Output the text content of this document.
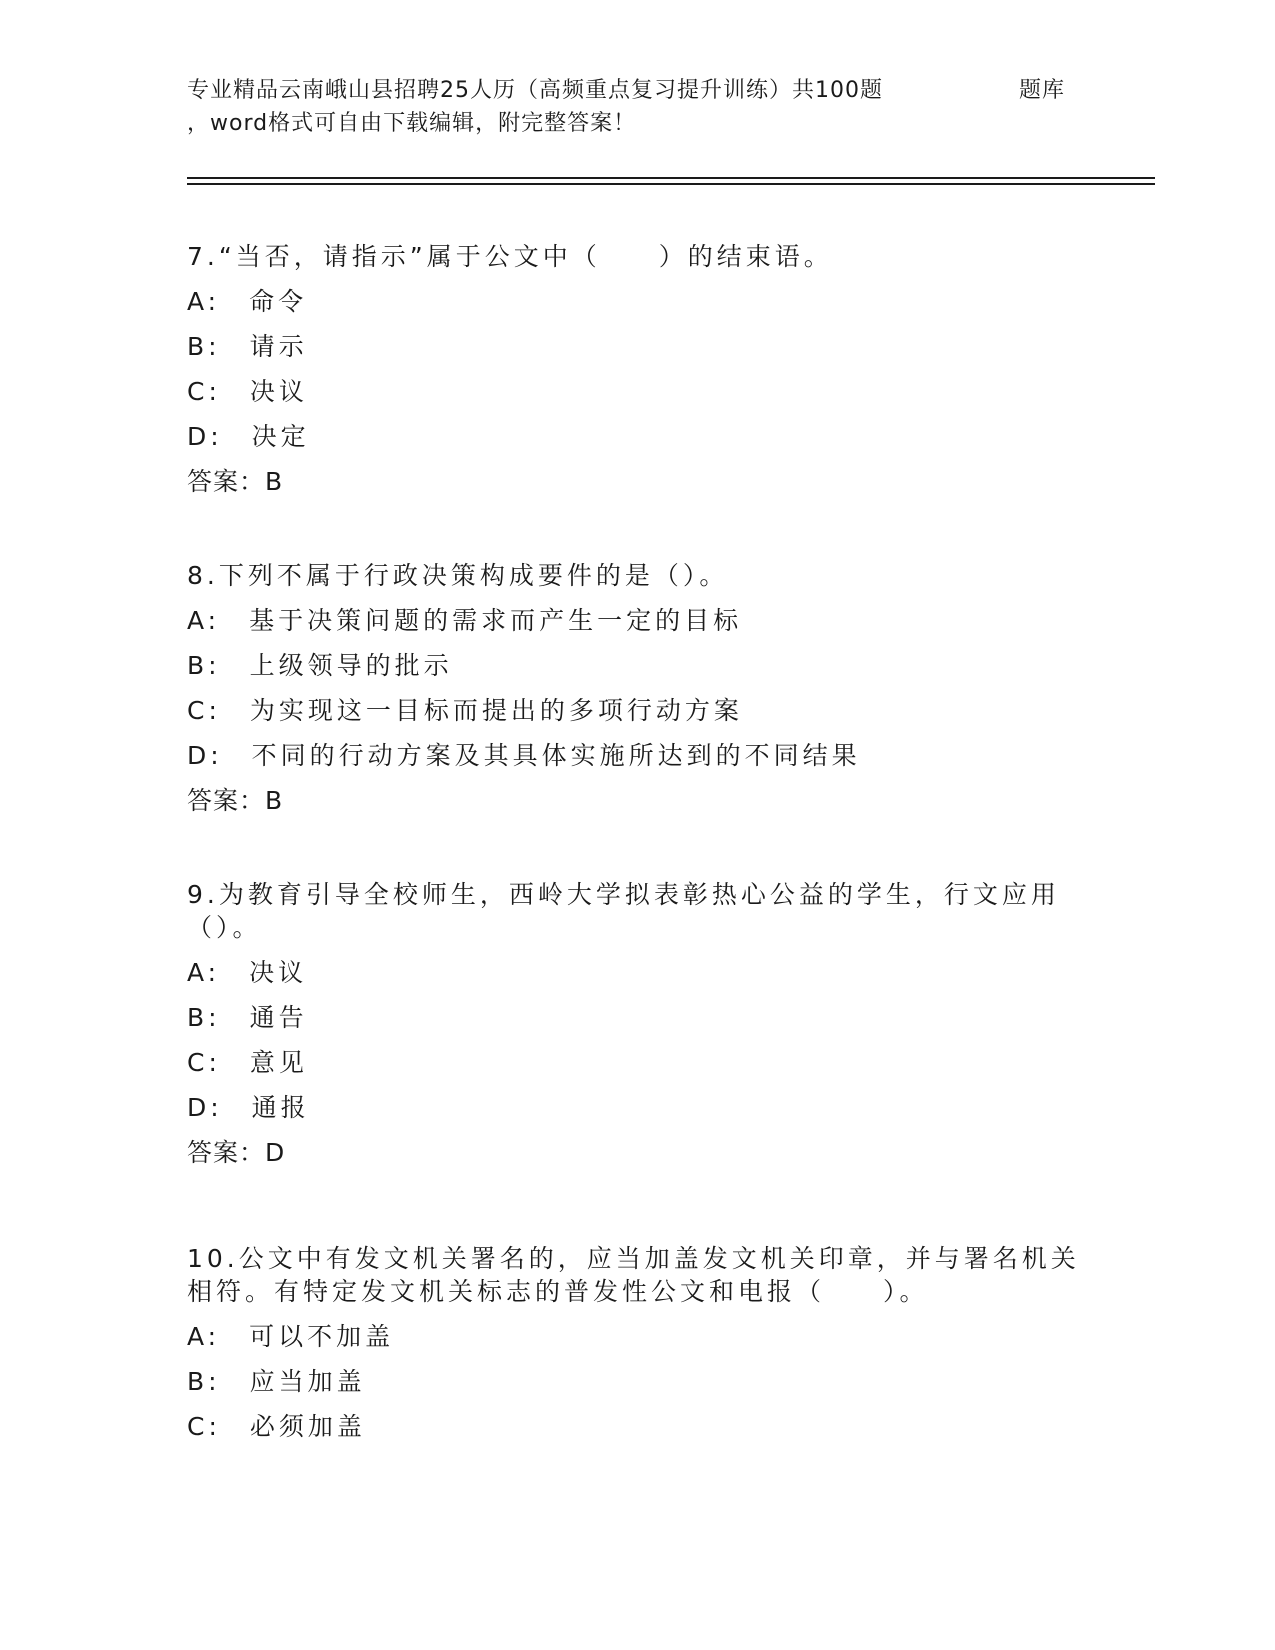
专业精品云南峨山县招聘25人历（高频重点复习提升训练）共100题	题库
，word格式可自由下载编辑，附完整答案！

7.“当否，请指示”属于公文中（　　）的结束语。

A:　命令
B:　请示
C:　决议
D:　决定
答案：B

8.下列不属于行政决策构成要件的是（）。

A:　基于决策问题的需求而产生一定的目标
B:　上级领导的批示
C:　为实现这一目标而提出的多项行动方案
D:　不同的行动方案及其具体实施所达到的不同结果
答案：B

9.为教育引导全校师生，西岭大学拟表彰热心公益的学生，行文应用（）。

A:　决议
B:　通告
C:　意见
D:　通报
答案：D

10.公文中有发文机关署名的，应当加盖发文机关印章，并与署名机关相符。有特定发文机关标志的普发性公文和电报（　　）。

A:　可以不加盖
B:　应当加盖
C:　必须加盖
